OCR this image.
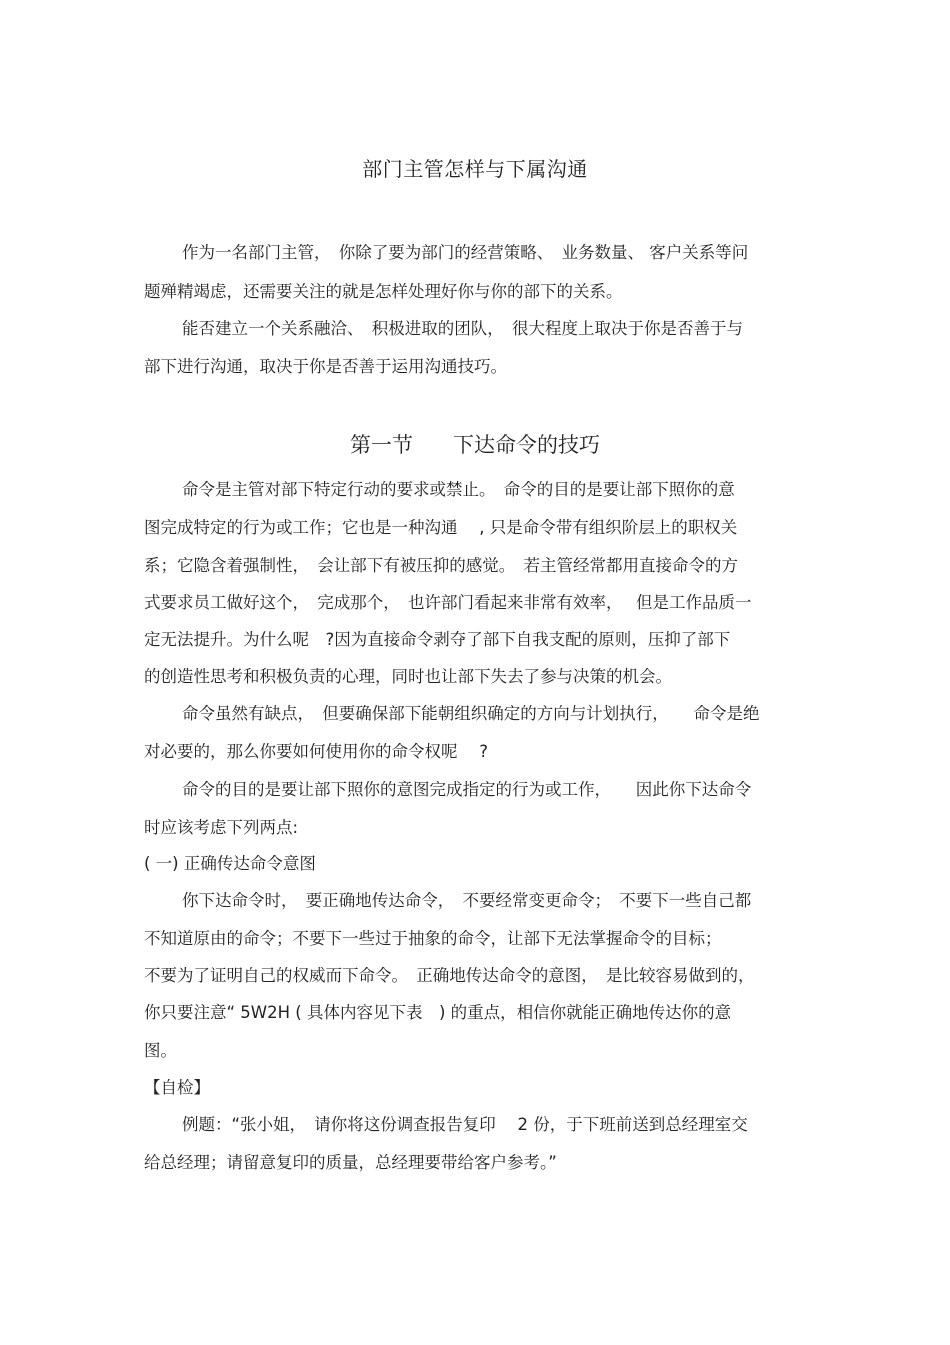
部门主管怎样与下属沟通
作为一名部门主管，　你除了要为部门的经营策略、　业务数量、 客户关系等问
题殚精竭虑，还需要关注的就是怎样处理好你与你的部下的关系。
能否建立一个关系融洽、　积极进取的团队，　很大程度上取决于你是否善于与
部下进行沟通，取决于你是否善于运用沟通技巧。
第一节 下达命令的技巧
命令是主管对部下特定行动的要求或禁止。　命令的目的是要让部下照你的意
图完成特定的行为或工作；它也是一种沟通　 , 只是命令带有组织阶层上的职权关
系；它隐含着强制性，　会让部下有被压抑的感觉。　若主管经常都用直接命令的方
式要求员工做好这个，　完成那个，　也许部门看起来非常有效率，　 但是工作品质一
定无法提升。为什么呢　?因为直接命令剥夺了部下自我支配的原则，压抑了部下
的创造性思考和积极负责的心理，同时也让部下失去了参与决策的机会。
命令虽然有缺点，　但要确保部下能朝组织确定的方向与计划执行，　　命令是绝
对必要的，那么你要如何使用你的命令权呢　 ?
命令的目的是要让部下照你的意图完成指定的行为或工作，　　因此你下达命令
时应该考虑下列两点:
( 一) 正确传达命令意图
你下达命令时，　要正确地传达命令，　不要经常变更命令；　不要下一些自己都
不知道原由的命令；不要下一些过于抽象的命令，让部下无法掌握命令的目标；
不要为了证明自己的权威而下命令。　正确地传达命令的意图，　是比较容易做到的，
你只要注意“ 5W2H ( 具体内容见下表　) 的重点，相信你就能正确地传达你的意
图。
【自检】
例题：“张小姐，　请你将这份调查报告复印　 2 份，于下班前送到总经理室交
给总经理；请留意复印的质量，总经理要带给客户参考。”
